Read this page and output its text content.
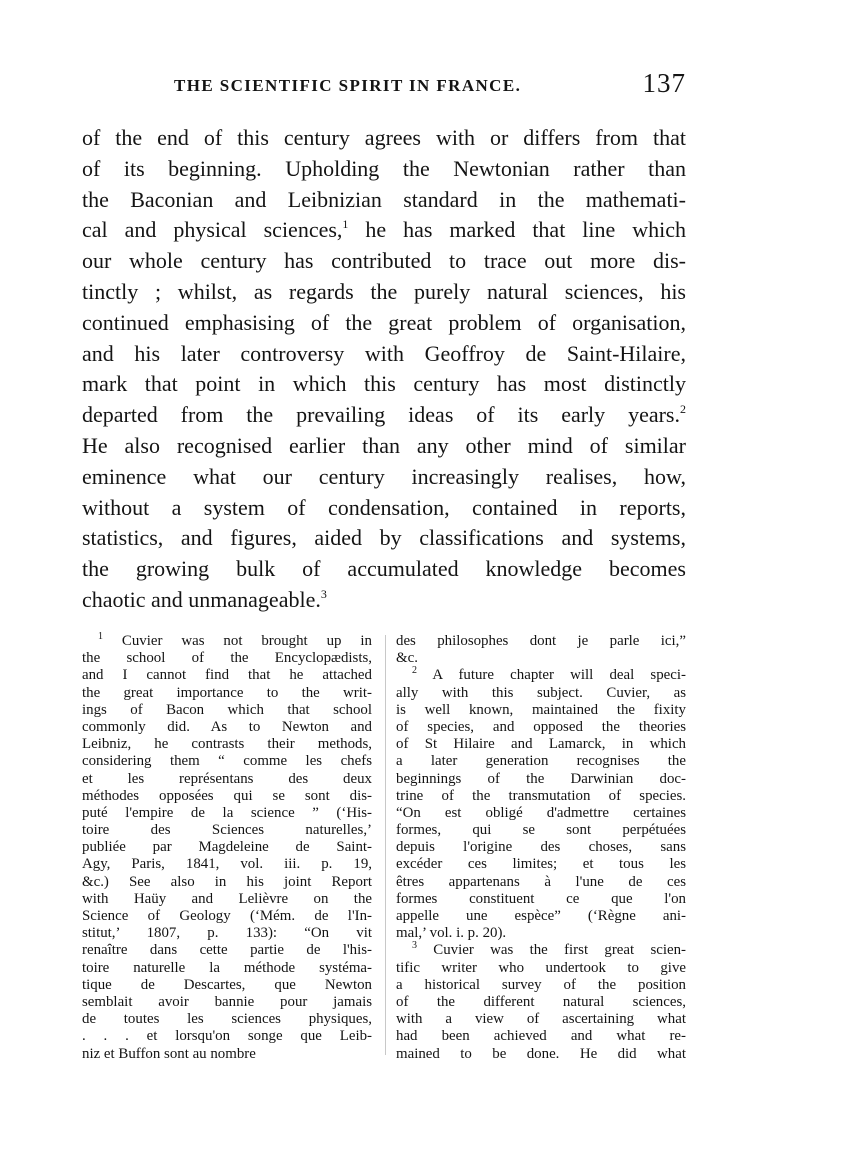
THE SCIENTIFIC SPIRIT IN FRANCE.	137
of the end of this century agrees with or differs from that
of its beginning. Upholding the Newtonian rather than
the Baconian and Leibnizian standard in the mathemati-
cal and physical sciences,$^1$ he has marked that line which
our whole century has contributed to trace out more dis-
tinctly ; whilst, as regards the purely natural sciences, his
continued emphasising of the great problem of organisation,
and his later controversy with Geoffroy de Saint-Hilaire,
mark that point in which this century has most distinctly
departed from the prevailing ideas of its early years.$^2$
He also recognised earlier than any other mind of similar
eminence what our century increasingly realises, how,
without a system of condensation, contained in reports,
statistics, and figures, aided by classifications and systems,
the growing bulk of accumulated knowledge becomes
chaotic and unmanageable.$^3$
$^1$ Cuvier was not brought up in
the school of the Encyclopædists,
and I cannot find that he attached
the great importance to the writ-
ings of Bacon which that school
commonly did. As to Newton and
Leibniz, he contrasts their methods,
considering them “ comme les chefs
et les représentans des deux
méthodes opposées qui se sont dis-
puté l'empire de la science ” (‘His-
toire des Sciences naturelles,’
publiée par Magdeleine de Saint-
Agy, Paris, 1841, vol. iii. p. 19,
&c.) See also in his joint Report
with Haüy and Lelièvre on the
Science of Geology (‘Mém. de l'In-
stitut,’ 1807, p. 133): “On vit
renaître dans cette partie de l'his-
toire naturelle la méthode systéma-
tique de Descartes, que Newton
semblait avoir bannie pour jamais
de toutes les sciences physiques,
. . . et lorsqu'on songe que Leib-
niz et Buffon sont au nombre
des philosophes dont je parle ici,”
&c.
$^2$ A future chapter will deal speci-
ally with this subject. Cuvier, as
is well known, maintained the fixity
of species, and opposed the theories
of St Hilaire and Lamarck, in which
a later generation recognises the
beginnings of the Darwinian doc-
trine of the transmutation of species.
“On est obligé d'admettre certaines
formes, qui se sont perpétuées
depuis l'origine des choses, sans
excéder ces limites; et tous les
êtres appartenans à l'une de ces
formes constituent ce que l'on
appelle une espèce” (‘Règne ani-
mal,’ vol. i. p. 20).
$^3$ Cuvier was the first great scien-
tific writer who undertook to give
a historical survey of the position
of the different natural sciences,
with a view of ascertaining what
had been achieved and what re-
mained to be done. He did what
